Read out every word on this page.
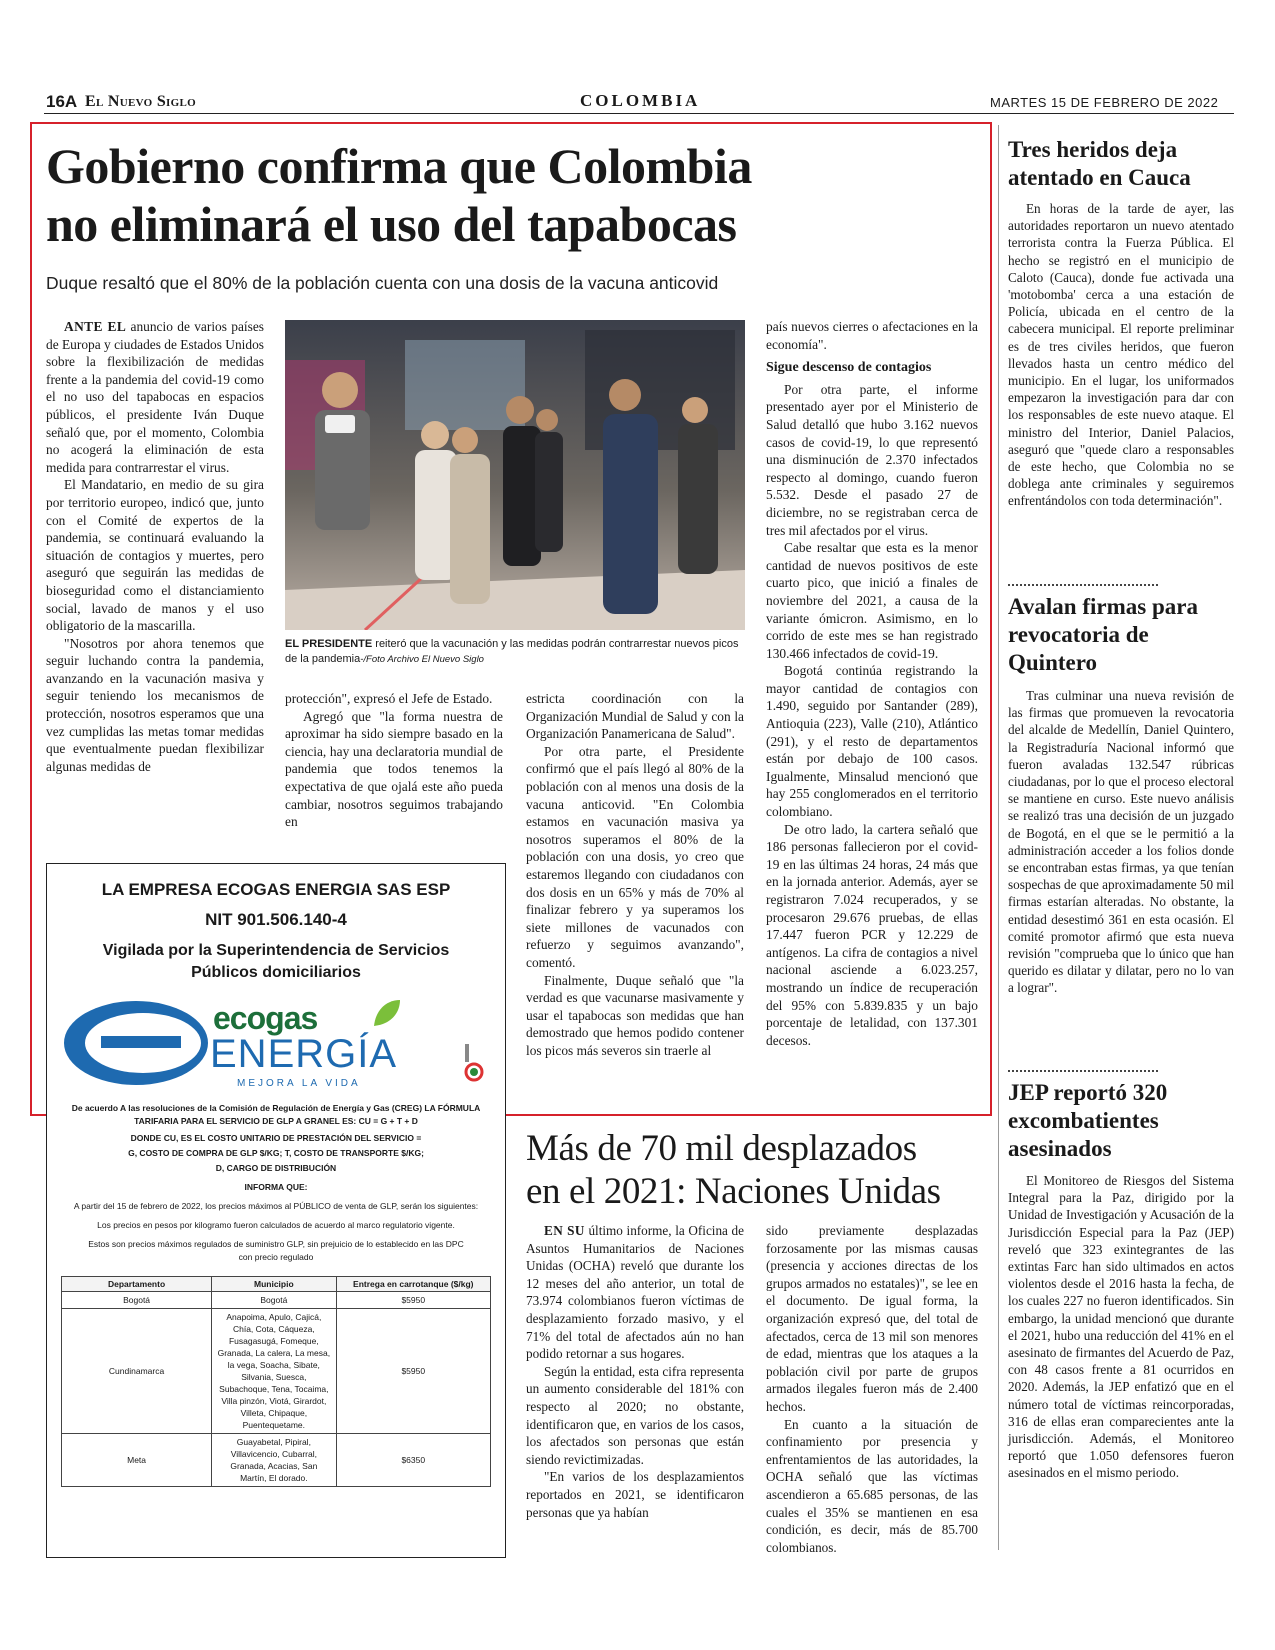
16A El Nuevo Siglo	COLOMBIA	MARTES 15 DE FEBRERO DE 2022
Gobierno confirma que Colombia
no eliminará el uso del tapabocas
Duque resaltó que el 80% de la población cuenta con una dosis de la vacuna anticovid

ANTE EL anuncio de varios países de Europa y ciudades de Estados Unidos sobre la flexibilización de medidas frente a la pandemia del covid-19 como el no uso del tapabocas en espacios públicos, el presidente Iván Duque señaló que, por el momento, Colombia no acogerá la eliminación de esta medida para contrarrestar el virus.

El Mandatario, en medio de su gira por territorio europeo, indicó que, junto con el Comité de expertos de la pandemia, se continuará evaluando la situación de contagios y muertes, pero aseguró que seguirán las medidas de bioseguridad como el distanciamiento social, lavado de manos y el uso obligatorio de la mascarilla.

"Nosotros por ahora tenemos que seguir luchando contra la pandemia, avanzando en la vacunación masiva y seguir teniendo los mecanismos de protección, nosotros esperamos que una vez cumplidas las metas tomar medidas que eventualmente puedan flexibilizar algunas medidas de

EL PRESIDENTE reiteró que la vacunación y las medidas podrán contrarrestar nuevos picos de la pandemia-/Foto Archivo El Nuevo Siglo

protección", expresó el Jefe de Estado.

Agregó que "la forma nuestra de aproximar ha sido siempre basado en la ciencia, hay una declaratoria mundial de pandemia que todos tenemos la expectativa de que ojalá este año pueda cambiar, nosotros seguimos trabajando en

estricta coordinación con la Organización Mundial de Salud y con la Organización Panamericana de Salud".

Por otra parte, el Presidente confirmó que el país llegó al 80% de la población con al menos una dosis de la vacuna anticovid. "En Colombia estamos en vacunación masiva ya nosotros superamos el 80% de la población con una dosis, yo creo que estaremos llegando con ciudadanos con dos dosis en un 65% y más de 70% al finalizar febrero y ya superamos los siete millones de vacunados con refuerzo y seguimos avanzando", comentó.

Finalmente, Duque señaló que "la verdad es que vacunarse masivamente y usar el tapabocas son medidas que han demostrado que hemos podido contener los picos más severos sin traerle al

país nuevos cierres o afectaciones en la economía".

Sigue descenso de contagios

Por otra parte, el informe presentado ayer por el Ministerio de Salud detalló que hubo 3.162 nuevos casos de covid-19, lo que representó una disminución de 2.370 infectados respecto al domingo, cuando fueron 5.532. Desde el pasado 27 de diciembre, no se registraban cerca de tres mil afectados por el virus.

Cabe resaltar que esta es la menor cantidad de nuevos positivos de este cuarto pico, que inició a finales de noviembre del 2021, a causa de la variante ómicron. Asimismo, en lo corrido de este mes se han registrado 130.466 infectados de covid-19.

Bogotá continúa registrando la mayor cantidad de contagios con 1.490, seguido por Santander (289), Antioquia (223), Valle (210), Atlántico (291), y el resto de departamentos están por debajo de 100 casos. Igualmente, Minsalud mencionó que hay 255 conglomerados en el territorio colombiano.

De otro lado, la cartera señaló que 186 personas fallecieron por el covid-19 en las últimas 24 horas, 24 más que en la jornada anterior. Además, ayer se registraron 7.024 recuperados, y se procesaron 29.676 pruebas, de ellas 17.447 fueron PCR y 12.229 de antígenos. La cifra de contagios a nivel nacional asciende a 6.023.257, mostrando un índice de recuperación del 95% con 5.839.835 y un bajo porcentaje de letalidad, con 137.301 decesos.

LA EMPRESA ECOGAS ENERGIA SAS ESP
NIT 901.506.140-4
Vigilada por la Superintendencia de Servicios
Públicos domiciliarios
ecogas
ENERGÍA
MEJORA LA VIDA
De acuerdo A las resoluciones de la Comisión de Regulación de Energía y Gas (CREG) LA FÓRMULA TARIFARIA PARA EL SERVICIO DE GLP A GRANEL ES: CU = G + T + D
DONDE CU, ES EL COSTO UNITARIO DE PRESTACIÓN DEL SERVICIO =
G, COSTO DE COMPRA DE GLP $/KG; T, COSTO DE TRANSPORTE $/KG;
D, CARGO DE DISTRIBUCIÓN
INFORMA QUE:
A partir del 15 de febrero de 2022, los precios máximos al PÚBLICO de venta de GLP, serán los siguientes:
Los precios en pesos por kilogramo fueron calculados de acuerdo al marco regulatorio vigente.
Estos son precios máximos regulados de suministro GLP, sin prejuicio de lo establecido en las DPC con precio regulado
Departamento	Municipio	Entrega en carrotanque ($/kg)
Bogotá	Bogotá	$5950
Cundinamarca	Anapoima, Apulo, Cajicá, Chía, Cota, Cáqueza, Fusagasugá, Fomeque, Granada, La calera, La mesa, la vega, Soacha, Sibate, Silvania, Suesca, Subachoque, Tena, Tocaima, Villa pinzón, Viotá, Girardot, Villeta, Chipaque, Puentequetame.	$5950
Meta	Guayabetal, Pipiral, Villavicencio, Cubarral, Granada, Acacias, San Martín, El dorado.	$6350
Más de 70 mil desplazados
en el 2021: Naciones Unidas

EN SU último informe, la Oficina de Asuntos Humanitarios de Naciones Unidas (OCHA) reveló que durante los 12 meses del año anterior, un total de 73.974 colombianos fueron víctimas de desplazamiento forzado masivo, y el 71% del total de afectados aún no han podido retornar a sus hogares.

Según la entidad, esta cifra representa un aumento considerable del 181% con respecto al 2020; no obstante, identificaron que, en varios de los casos, los afectados son personas que están siendo revictimizadas.

"En varios de los desplazamientos reportados en 2021, se identificaron personas que ya habían

sido previamente desplazadas forzosamente por las mismas causas (presencia y acciones directas de los grupos armados no estatales)", se lee en el documento. De igual forma, la organización expresó que, del total de afectados, cerca de 13 mil son menores de edad, mientras que los ataques a la población civil por parte de grupos armados ilegales fueron más de 2.400 hechos.

En cuanto a la situación de confinamiento por presencia y enfrentamientos de las autoridades, la OCHA señaló que las víctimas ascendieron a 65.685 personas, de las cuales el 35% se mantienen en esa condición, es decir, más de 85.700 colombianos.

Tres heridos deja atentado en Cauca

En horas de la tarde de ayer, las autoridades reportaron un nuevo atentado terrorista contra la Fuerza Pública. El hecho se registró en el municipio de Caloto (Cauca), donde fue activada una 'motobomba' cerca a una estación de Policía, ubicada en el centro de la cabecera municipal. El reporte preliminar es de tres civiles heridos, que fueron llevados hasta un centro médico del municipio. En el lugar, los uniformados empezaron la investigación para dar con los responsables de este nuevo ataque. El ministro del Interior, Daniel Palacios, aseguró que "quede claro a responsables de este hecho, que Colombia no se doblega ante criminales y seguiremos enfrentándolos con toda determinación".

Avalan firmas para revocatoria de Quintero

Tras culminar una nueva revisión de las firmas que promueven la revocatoria del alcalde de Medellín, Daniel Quintero, la Registraduría Nacional informó que fueron avaladas 132.547 rúbricas ciudadanas, por lo que el proceso electoral se mantiene en curso. Este nuevo análisis se realizó tras una decisión de un juzgado de Bogotá, en el que se le permitió a la administración acceder a los folios donde se encontraban estas firmas, ya que tenían sospechas de que aproximadamente 50 mil firmas estarían alteradas. No obstante, la entidad desestimó 361 en esta ocasión. El comité promotor afirmó que esta nueva revisión "comprueba que lo único que han querido es dilatar y dilatar, pero no lo van a lograr".

JEP reportó 320 excombatientes asesinados

El Monitoreo de Riesgos del Sistema Integral para la Paz, dirigido por la Unidad de Investigación y Acusación de la Jurisdicción Especial para la Paz (JEP) reveló que 323 exintegrantes de las extintas Farc han sido ultimados en actos violentos desde el 2016 hasta la fecha, de los cuales 227 no fueron identificados. Sin embargo, la unidad mencionó que durante el 2021, hubo una reducción del 41% en el asesinato de firmantes del Acuerdo de Paz, con 48 casos frente a 81 ocurridos en 2020. Además, la JEP enfatizó que en el número total de víctimas reincorporadas, 316 de ellas eran comparecientes ante la jurisdicción. Además, el Monitoreo reportó que 1.050 defensores fueron asesinados en el mismo periodo.
